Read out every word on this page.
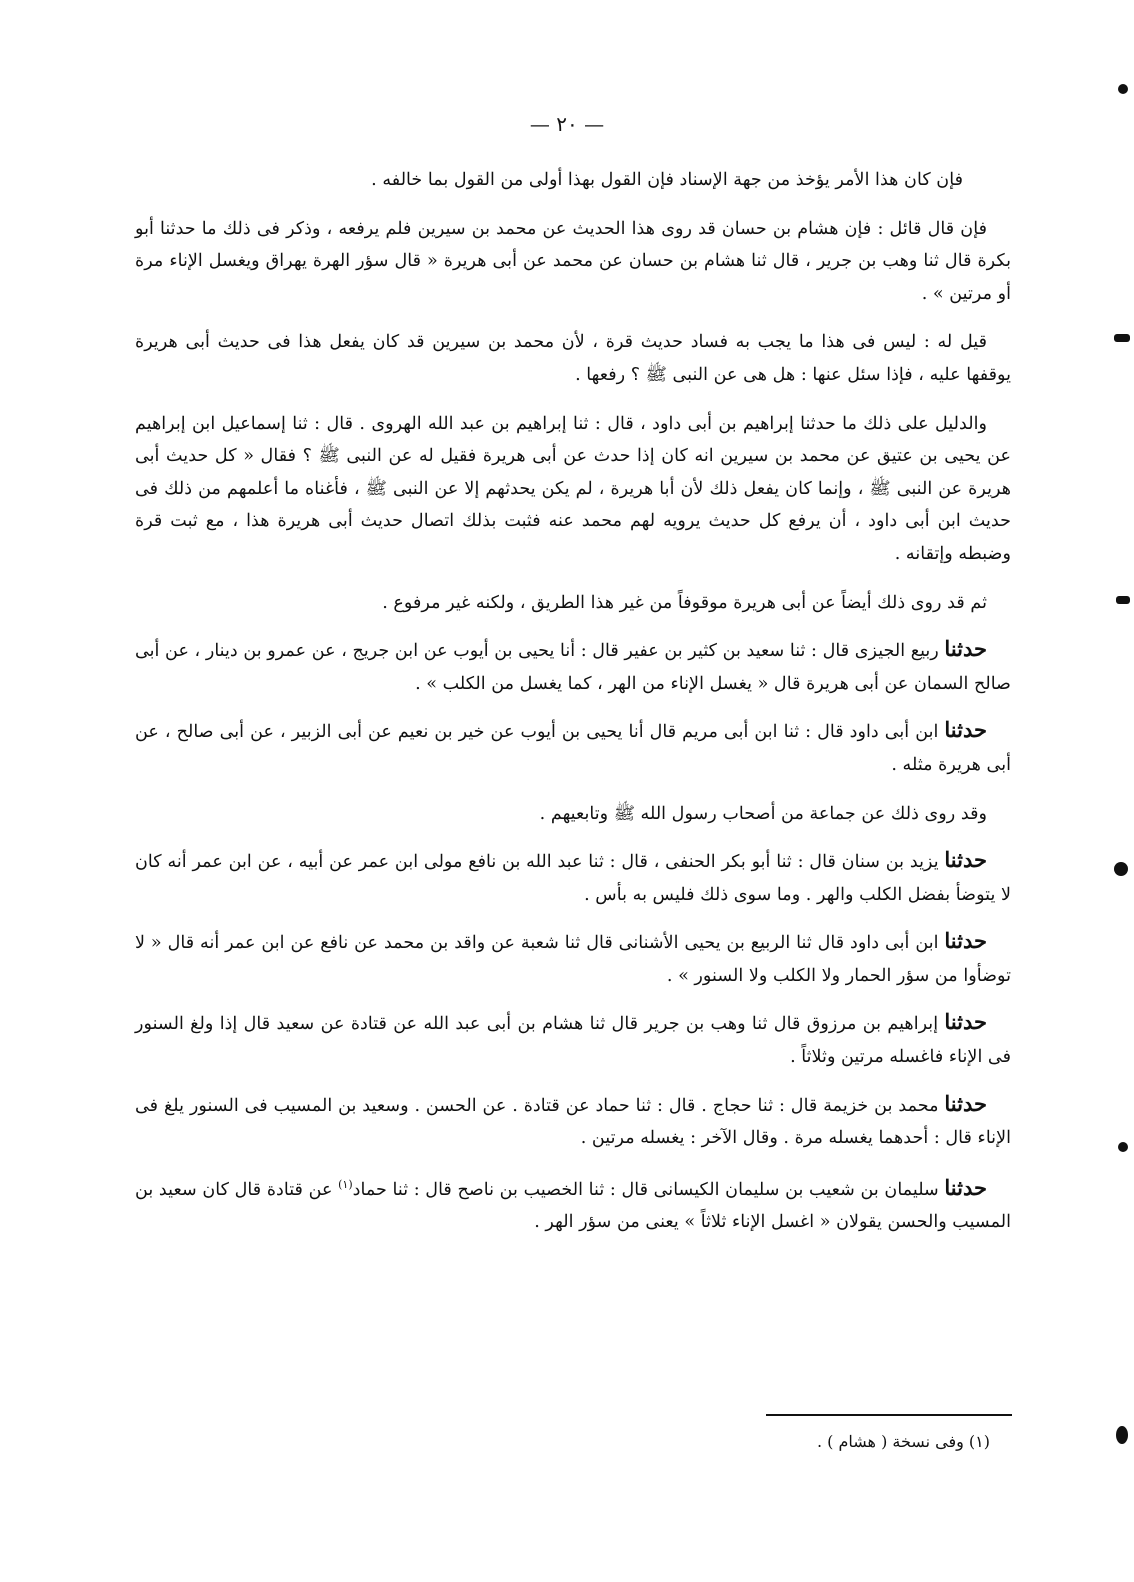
— ٢٠ —

فإن كان هذا الأمر يؤخذ من جهة الإسناد فإن القول بهذا أولى من القول بما خالفه .

فإن قال قائل : فإن هشام بن حسان قد روى هذا الحديث عن محمد بن سيرين فلم يرفعه ، وذكر فى ذلك ما حدثنا أبو بكرة قال ثنا وهب بن جرير ، قال ثنا هشام بن حسان عن محمد عن أبى هريرة « قال سؤر الهرة يهراق ويغسل الإناء مرة أو مرتين » .

قيل له : ليس فى هذا ما يجب به فساد حديث قرة ، لأن محمد بن سيرين قد كان يفعل هذا فى حديث أبى هريرة يوقفها عليه ، فإذا سئل عنها : هل هى عن النبى ﷺ ؟ رفعها .

والدليل على ذلك ما حدثنا إبراهيم بن أبى داود ، قال : ثنا إبراهيم بن عبد الله الهروى . قال : ثنا إسماعيل ابن إبراهيم عن يحيى بن عتيق عن محمد بن سيرين انه كان إذا حدث عن أبى هريرة فقيل له عن النبى ﷺ ؟ فقال « كل حديث أبى هريرة عن النبى ﷺ ، وإنما كان يفعل ذلك لأن أبا هريرة ، لم يكن يحدثهم إلا عن النبى ﷺ ، فأغناه ما أعلمهم من ذلك فى حديث ابن أبى داود ، أن يرفع كل حديث يرويه لهم محمد عنه فثبت بذلك اتصال حديث أبى هريرة هذا ، مع ثبت قرة وضبطه وإتقانه .

ثم قد روى ذلك أيضاً عن أبى هريرة موقوفاً من غير هذا الطريق ، ولكنه غير مرفوع .

حدثنا ربيع الجيزى قال : ثنا سعيد بن كثير بن عفير قال : أنا يحيى بن أيوب عن ابن جريج ، عن عمرو بن دينار ، عن أبى صالح السمان عن أبى هريرة قال « يغسل الإناء من الهر ، كما يغسل من الكلب » .

حدثنا ابن أبى داود قال : ثنا ابن أبى مريم قال أنا يحيى بن أيوب عن خير بن نعيم عن أبى الزبير ، عن أبى صالح ، عن أبى هريرة مثله .

وقد روى ذلك عن جماعة من أصحاب رسول الله ﷺ وتابعيهم .

حدثنا يزيد بن سنان قال : ثنا أبو بكر الحنفى ، قال : ثنا عبد الله بن نافع مولى ابن عمر عن أبيه ، عن ابن عمر أنه كان لا يتوضأ بفضل الكلب والهر . وما سوى ذلك فليس به بأس .

حدثنا ابن أبى داود قال ثنا الربيع بن يحيى الأشنانى قال ثنا شعبة عن واقد بن محمد عن نافع عن ابن عمر أنه قال « لا توضأوا من سؤر الحمار ولا الكلب ولا السنور » .

حدثنا إبراهيم بن مرزوق قال ثنا وهب بن جرير قال ثنا هشام بن أبى عبد الله عن قتادة عن سعيد قال إذا ولغ السنور فى الإناء فاغسله مرتين وثلاثاً .

حدثنا محمد بن خزيمة قال : ثنا حجاج . قال : ثنا حماد عن قتادة . عن الحسن . وسعيد بن المسيب فى السنور يلغ فى الإناء قال : أحدهما يغسله مرة . وقال الآخر : يغسله مرتين .

حدثنا سليمان بن شعيب بن سليمان الكيسانى قال : ثنا الخصيب بن ناصح قال : ثنا حماد$^{(١)}$ عن قتادة قال كان سعيد بن المسيب والحسن يقولان « اغسل الإناء ثلاثاً » يعنى من سؤر الهر .

(١) وفى نسخة ( هشام ) .
